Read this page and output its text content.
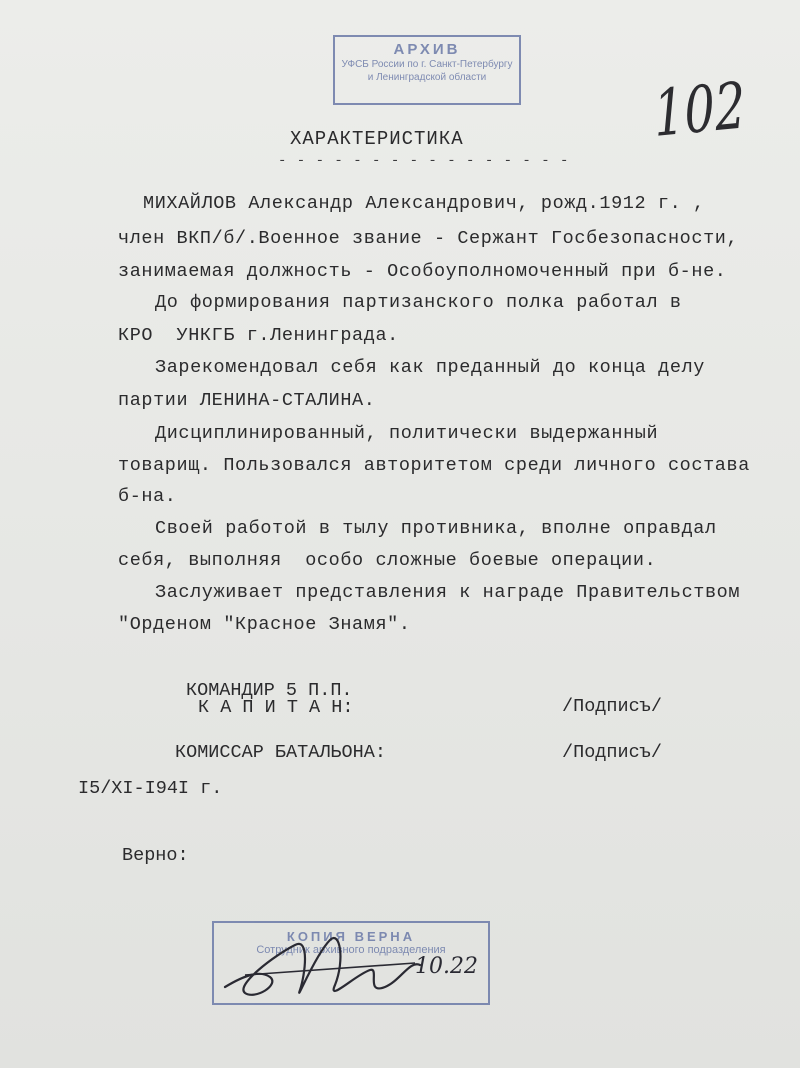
АРХИВ
УФСБ России по г. Санкт-Петербургу
и Ленинградской области	102
ХАРАКТЕРИСТИКА
- - - - - - - - - - - - - - - -
МИХАЙЛОВ Александр Александрович, рожд.1912 г. ,
член ВКП/б/.Военное звание - Сержант Госбезопасности,
занимаемая должность - Особоуполномоченный при б-не.
До формирования партизанского полка работал в
КРО  УНКГБ г.Ленинграда.
Зарекомендовал себя как преданный до конца делу
партии ЛЕНИНА-СТАЛИНА.
Дисциплинированный, политически выдержанный
товарищ. Пользовался авторитетом среди личного состава
б-на.
Своей работой в тылу противника, вполне оправдал
себя, выполняя  особо сложные боевые операции.
Заслуживает представления к награде Правительством
"Орденом "Красное Знамя".
КОМАНДИР 5 П.П.
К А П И Т А Н:	/Подписъ/
КОМИССАР БАТАЛЬОНА:	/Подписъ/
I5/XI-I94I г.
Верно:
КОПИЯ ВЕРНА
Сотрудник архивного подразделения
10.22
